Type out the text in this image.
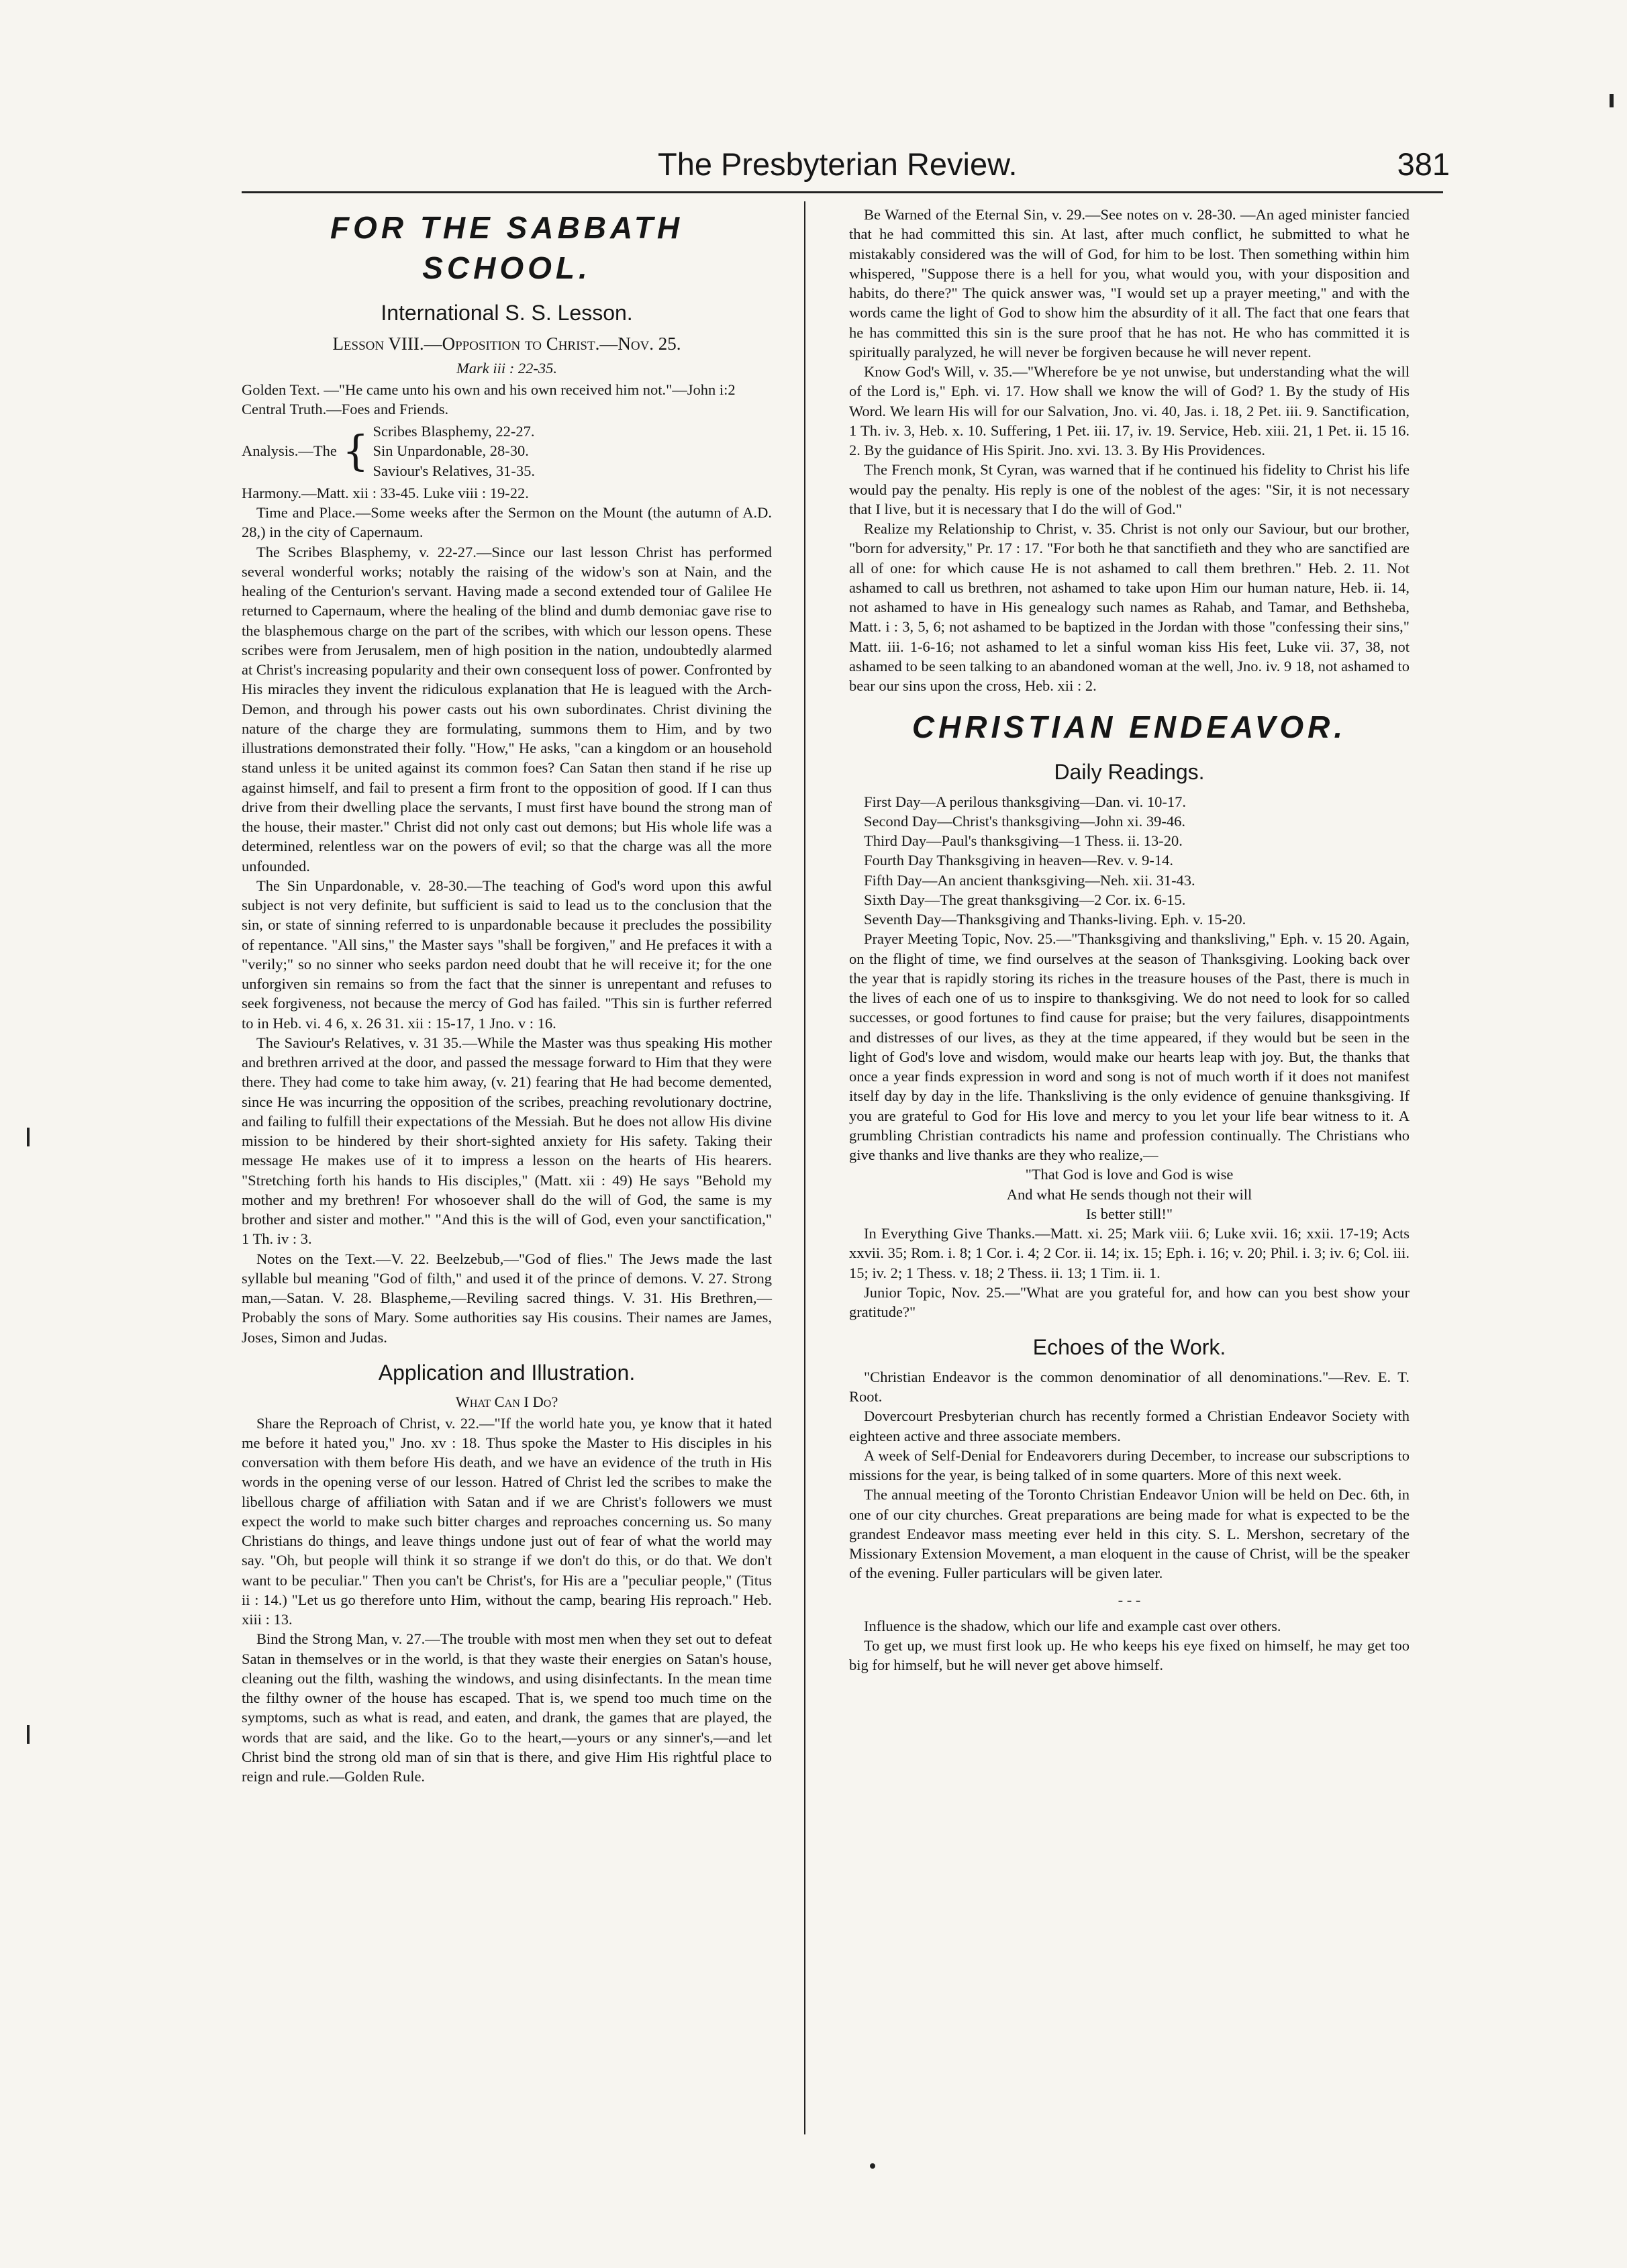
The Presbyterian Review.	381
FOR THE SABBATH SCHOOL.
International S. S. Lesson.
Lesson VIII.—Opposition to Christ.—Nov. 25.
Mark iii : 22-35.

Golden Text. —"He came unto his own and his own received him not."—John i:2

Central Truth.—Foes and Friends.

Analysis.—The { Scribes Blasphemy, 22-27.
Sin Unpardonable, 28-30.
Saviour's Relatives, 31-35.

Harmony.—Matt. xii : 33-45. Luke viii : 19-22.

Time and Place.—Some weeks after the Sermon on the Mount (the autumn of A.D. 28,) in the city of Capernaum.

The Scribes Blasphemy, v. 22-27.—Since our last lesson Christ has performed several wonderful works; notably the raising of the widow's son at Nain, and the healing of the Centurion's servant. Having made a second extended tour of Galilee He returned to Capernaum, where the healing of the blind and dumb demoniac gave rise to the blasphemous charge on the part of the scribes, with which our lesson opens. These scribes were from Jerusalem, men of high position in the nation, undoubtedly alarmed at Christ's increasing popularity and their own consequent loss of power. Confronted by His miracles they invent the ridiculous explanation that He is leagued with the Arch-Demon, and through his power casts out his own subordinates. Christ divining the nature of the charge they are formulating, summons them to Him, and by two illustrations demonstrated their folly. "How," He asks, "can a kingdom or an household stand unless it be united against its common foes? Can Satan then stand if he rise up against himself, and fail to present a firm front to the opposition of good. If I can thus drive from their dwelling place the servants, I must first have bound the strong man of the house, their master." Christ did not only cast out demons; but His whole life was a determined, relentless war on the powers of evil; so that the charge was all the more unfounded.

The Sin Unpardonable, v. 28-30.—The teaching of God's word upon this awful subject is not very definite, but sufficient is said to lead us to the conclusion that the sin, or state of sinning referred to is unpardonable because it precludes the possibility of repentance. "All sins," the Master says "shall be forgiven," and He prefaces it with a "verily;" so no sinner who seeks pardon need doubt that he will receive it; for the one unforgiven sin remains so from the fact that the sinner is unrepentant and refuses to seek forgiveness, not because the mercy of God has failed. "This sin is further referred to in Heb. vi. 4 6, x. 26 31. xii : 15-17, 1 Jno. v : 16.

The Saviour's Relatives, v. 31 35.—While the Master was thus speaking His mother and brethren arrived at the door, and passed the message forward to Him that they were there. They had come to take him away, (v. 21) fearing that He had become demented, since He was incurring the opposition of the scribes, preaching revolutionary doctrine, and failing to fulfill their expectations of the Messiah. But he does not allow His divine mission to be hindered by their short-sighted anxiety for His safety. Taking their message He makes use of it to impress a lesson on the hearts of His hearers. "Stretching forth his hands to His disciples," (Matt. xii : 49) He says "Behold my mother and my brethren! For whosoever shall do the will of God, the same is my brother and sister and mother." "And this is the will of God, even your sanctification," 1 Th. iv : 3.

Notes on the Text.—V. 22. Beelzebub,—"God of flies." The Jews made the last syllable bul meaning "God of filth," and used it of the prince of demons. V. 27. Strong man,—Satan. V. 28. Blaspheme,—Reviling sacred things. V. 31. His Brethren,—Probably the sons of Mary. Some authorities say His cousins. Their names are James, Joses, Simon and Judas.

Application and Illustration.
What Can I Do?

Share the Reproach of Christ, v. 22.—"If the world hate you, ye know that it hated me before it hated you," Jno. xv : 18. Thus spoke the Master to His disciples in his conversation with them before His death, and we have an evidence of the truth in His words in the opening verse of our lesson. Hatred of Christ led the scribes to make the libellous charge of affiliation with Satan and if we are Christ's followers we must expect the world to make such bitter charges and reproaches concerning us. So many Christians do things, and leave things undone just out of fear of what the world may say. "Oh, but people will think it so strange if we don't do this, or do that. We don't want to be peculiar." Then you can't be Christ's, for His are a "peculiar people," (Titus ii : 14.) "Let us go therefore unto Him, without the camp, bearing His reproach." Heb. xiii : 13.

Bind the Strong Man, v. 27.—The trouble with most men when they set out to defeat Satan in themselves or in the world, is that they waste their energies on Satan's house, cleaning out the filth, washing the windows, and using disinfectants. In the mean time the filthy owner of the house has escaped. That is, we spend too much time on the symptoms, such as what is read, and eaten, and drank, the games that are played, the words that are said, and the like. Go to the heart,—yours or any sinner's,—and let Christ bind the strong old man of sin that is there, and give Him His rightful place to reign and rule.—Golden Rule.

Be Warned of the Eternal Sin, v. 29.—See notes on v. 28-30. —An aged minister fancied that he had committed this sin. At last, after much conflict, he submitted to what he mistakably considered was the will of God, for him to be lost. Then something within him whispered, "Suppose there is a hell for you, what would you, with your disposition and habits, do there?" The quick answer was, "I would set up a prayer meeting," and with the words came the light of God to show him the absurdity of it all. The fact that one fears that he has committed this sin is the sure proof that he has not. He who has committed it is spiritually paralyzed, he will never be forgiven because he will never repent.

Know God's Will, v. 35.—"Wherefore be ye not unwise, but understanding what the will of the Lord is," Eph. vi. 17. How shall we know the will of God? 1. By the study of His Word. We learn His will for our Salvation, Jno. vi. 40, Jas. i. 18, 2 Pet. iii. 9. Sanctification, 1 Th. iv. 3, Heb. x. 10. Suffering, 1 Pet. iii. 17, iv. 19. Service, Heb. xiii. 21, 1 Pet. ii. 15 16. 2. By the guidance of His Spirit. Jno. xvi. 13. 3. By His Providences.

The French monk, St Cyran, was warned that if he continued his fidelity to Christ his life would pay the penalty. His reply is one of the noblest of the ages: "Sir, it is not necessary that I live, but it is necessary that I do the will of God."

Realize my Relationship to Christ, v. 35. Christ is not only our Saviour, but our brother, "born for adversity," Pr. 17 : 17. "For both he that sanctifieth and they who are sanctified are all of one: for which cause He is not ashamed to call them brethren." Heb. 2. 11. Not ashamed to call us brethren, not ashamed to take upon Him our human nature, Heb. ii. 14, not ashamed to have in His genealogy such names as Rahab, and Tamar, and Bethsheba, Matt. i : 3, 5, 6; not ashamed to be baptized in the Jordan with those "confessing their sins," Matt. iii. 1-6-16; not ashamed to let a sinful woman kiss His feet, Luke vii. 37, 38, not ashamed to be seen talking to an abandoned woman at the well, Jno. iv. 9 18, not ashamed to bear our sins upon the cross, Heb. xii : 2.

CHRISTIAN ENDEAVOR.
Daily Readings.
First Day—A perilous thanksgiving—Dan. vi. 10-17.
Second Day—Christ's thanksgiving—John xi. 39-46.
Third Day—Paul's thanksgiving—1 Thess. ii. 13-20.
Fourth Day Thanksgiving in heaven—Rev. v. 9-14.
Fifth Day—An ancient thanksgiving—Neh. xii. 31-43.
Sixth Day—The great thanksgiving—2 Cor. ix. 6-15.
Seventh Day—Thanksgiving and Thanks-living. Eph. v. 15-20.

Prayer Meeting Topic, Nov. 25.—"Thanksgiving and thanksliving," Eph. v. 15 20. Again, on the flight of time, we find ourselves at the season of Thanksgiving. Looking back over the year that is rapidly storing its riches in the treasure houses of the Past, there is much in the lives of each one of us to inspire to thanksgiving. We do not need to look for so called successes, or good fortunes to find cause for praise; but the very failures, disappointments and distresses of our lives, as they at the time appeared, if they would but be seen in the light of God's love and wisdom, would make our hearts leap with joy. But, the thanks that once a year finds expression in word and song is not of much worth if it does not manifest itself day by day in the life. Thanksliving is the only evidence of genuine thanksgiving. If you are grateful to God for His love and mercy to you let your life bear witness to it. A grumbling Christian contradicts his name and profession continually. The Christians who give thanks and live thanks are they who realize,—

"That God is love and God is wise
And what He sends though not their will
Is better still!"

In Everything Give Thanks.—Matt. xi. 25; Mark viii. 6; Luke xvii. 16; xxii. 17-19; Acts xxvii. 35; Rom. i. 8; 1 Cor. i. 4; 2 Cor. ii. 14; ix. 15; Eph. i. 16; v. 20; Phil. i. 3; iv. 6; Col. iii. 15; iv. 2; 1 Thess. v. 18; 2 Thess. ii. 13; 1 Tim. ii. 1.

Junior Topic, Nov. 25.—"What are you grateful for, and how can you best show your gratitude?"

Echoes of the Work.

"Christian Endeavor is the common denominatior of all denominations."—Rev. E. T. Root.

Dovercourt Presbyterian church has recently formed a Christian Endeavor Society with eighteen active and three associate members.

A week of Self-Denial for Endeavorers during December, to increase our subscriptions to missions for the year, is being talked of in some quarters. More of this next week.

The annual meeting of the Toronto Christian Endeavor Union will be held on Dec. 6th, in one of our city churches. Great preparations are being made for what is expected to be the grandest Endeavor mass meeting ever held in this city. S. L. Mershon, secretary of the Missionary Extension Movement, a man eloquent in the cause of Christ, will be the speaker of the evening. Fuller particulars will be given later.

- - -

Influence is the shadow, which our life and example cast over others.

To get up, we must first look up. He who keeps his eye fixed on himself, he may get too big for himself, but he will never get above himself.
